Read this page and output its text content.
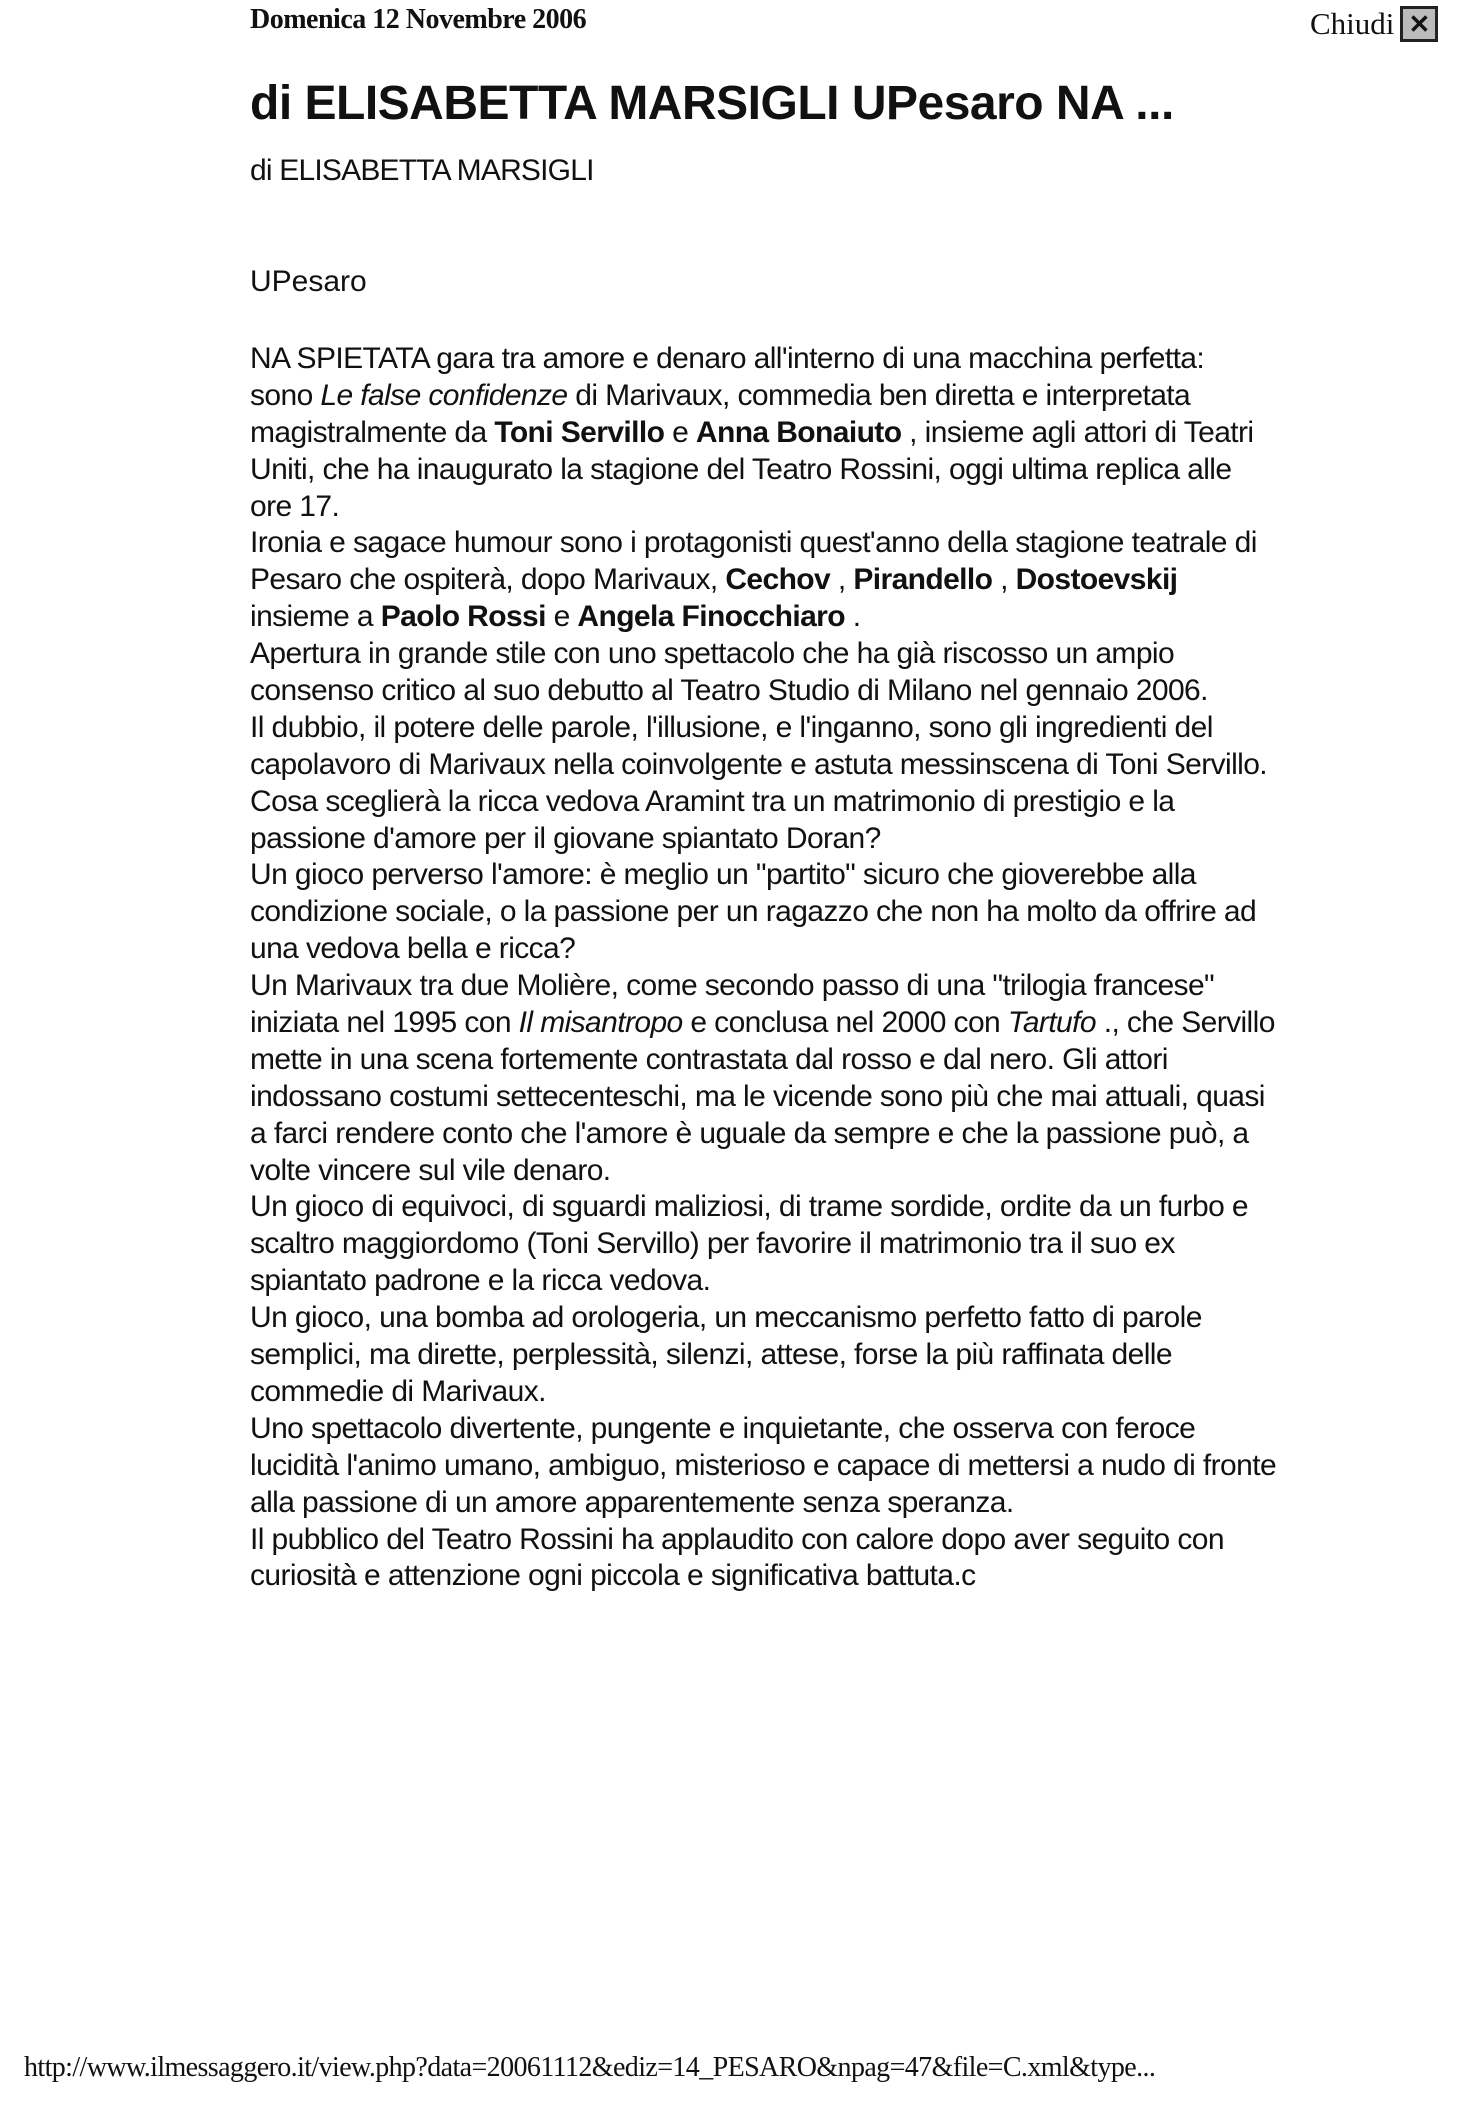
Domenica 12 Novembre 2006	Chiudi ✕
di ELISABETTA MARSIGLI UPesaro NA ...
di ELISABETTA MARSIGLI
UPesaro
NA SPIETATA gara tra amore e denaro all'interno di una macchina perfetta:
sono Le false confidenze di Marivaux, commedia ben diretta e interpretata
magistralmente da Toni Servillo e Anna Bonaiuto , insieme agli attori di Teatri
Uniti, che ha inaugurato la stagione del Teatro Rossini, oggi ultima replica alle
ore 17.
Ironia e sagace humour sono i protagonisti quest'anno della stagione teatrale di
Pesaro che ospiterà, dopo Marivaux, Cechov , Pirandello , Dostoevskij
insieme a Paolo Rossi e Angela Finocchiaro .
Apertura in grande stile con uno spettacolo che ha già riscosso un ampio
consenso critico al suo debutto al Teatro Studio di Milano nel gennaio 2006.
Il dubbio, il potere delle parole, l'illusione, e l'inganno, sono gli ingredienti del
capolavoro di Marivaux nella coinvolgente e astuta messinscena di Toni Servillo.
Cosa sceglierà la ricca vedova Aramint tra un matrimonio di prestigio e la
passione d'amore per il giovane spiantato Doran?
Un gioco perverso l'amore: è meglio un "partito" sicuro che gioverebbe alla
condizione sociale, o la passione per un ragazzo che non ha molto da offrire ad
una vedova bella e ricca?
Un Marivaux tra due Molière, come secondo passo di una "trilogia francese"
iniziata nel 1995 con Il misantropo e conclusa nel 2000 con Tartufo ., che Servillo
mette in una scena fortemente contrastata dal rosso e dal nero. Gli attori
indossano costumi settecenteschi, ma le vicende sono più che mai attuali, quasi
a farci rendere conto che l'amore è uguale da sempre e che la passione può, a
volte vincere sul vile denaro.
Un gioco di equivoci, di sguardi maliziosi, di trame sordide, ordite da un furbo e
scaltro maggiordomo (Toni Servillo) per favorire il matrimonio tra il suo ex
spiantato padrone e la ricca vedova.
Un gioco, una bomba ad orologeria, un meccanismo perfetto fatto di parole
semplici, ma dirette, perplessità, silenzi, attese, forse la più raffinata delle
commedie di Marivaux.
Uno spettacolo divertente, pungente e inquietante, che osserva con feroce
lucidità l'animo umano, ambiguo, misterioso e capace di mettersi a nudo di fronte
alla passione di un amore apparentemente senza speranza.
Il pubblico del Teatro Rossini ha applaudito con calore dopo aver seguito con
curiosità e attenzione ogni piccola e significativa battuta.c
http://www.ilmessaggero.it/view.php?data=20061112&ediz=14_PESARO&npag=47&file=C.xml&type...
